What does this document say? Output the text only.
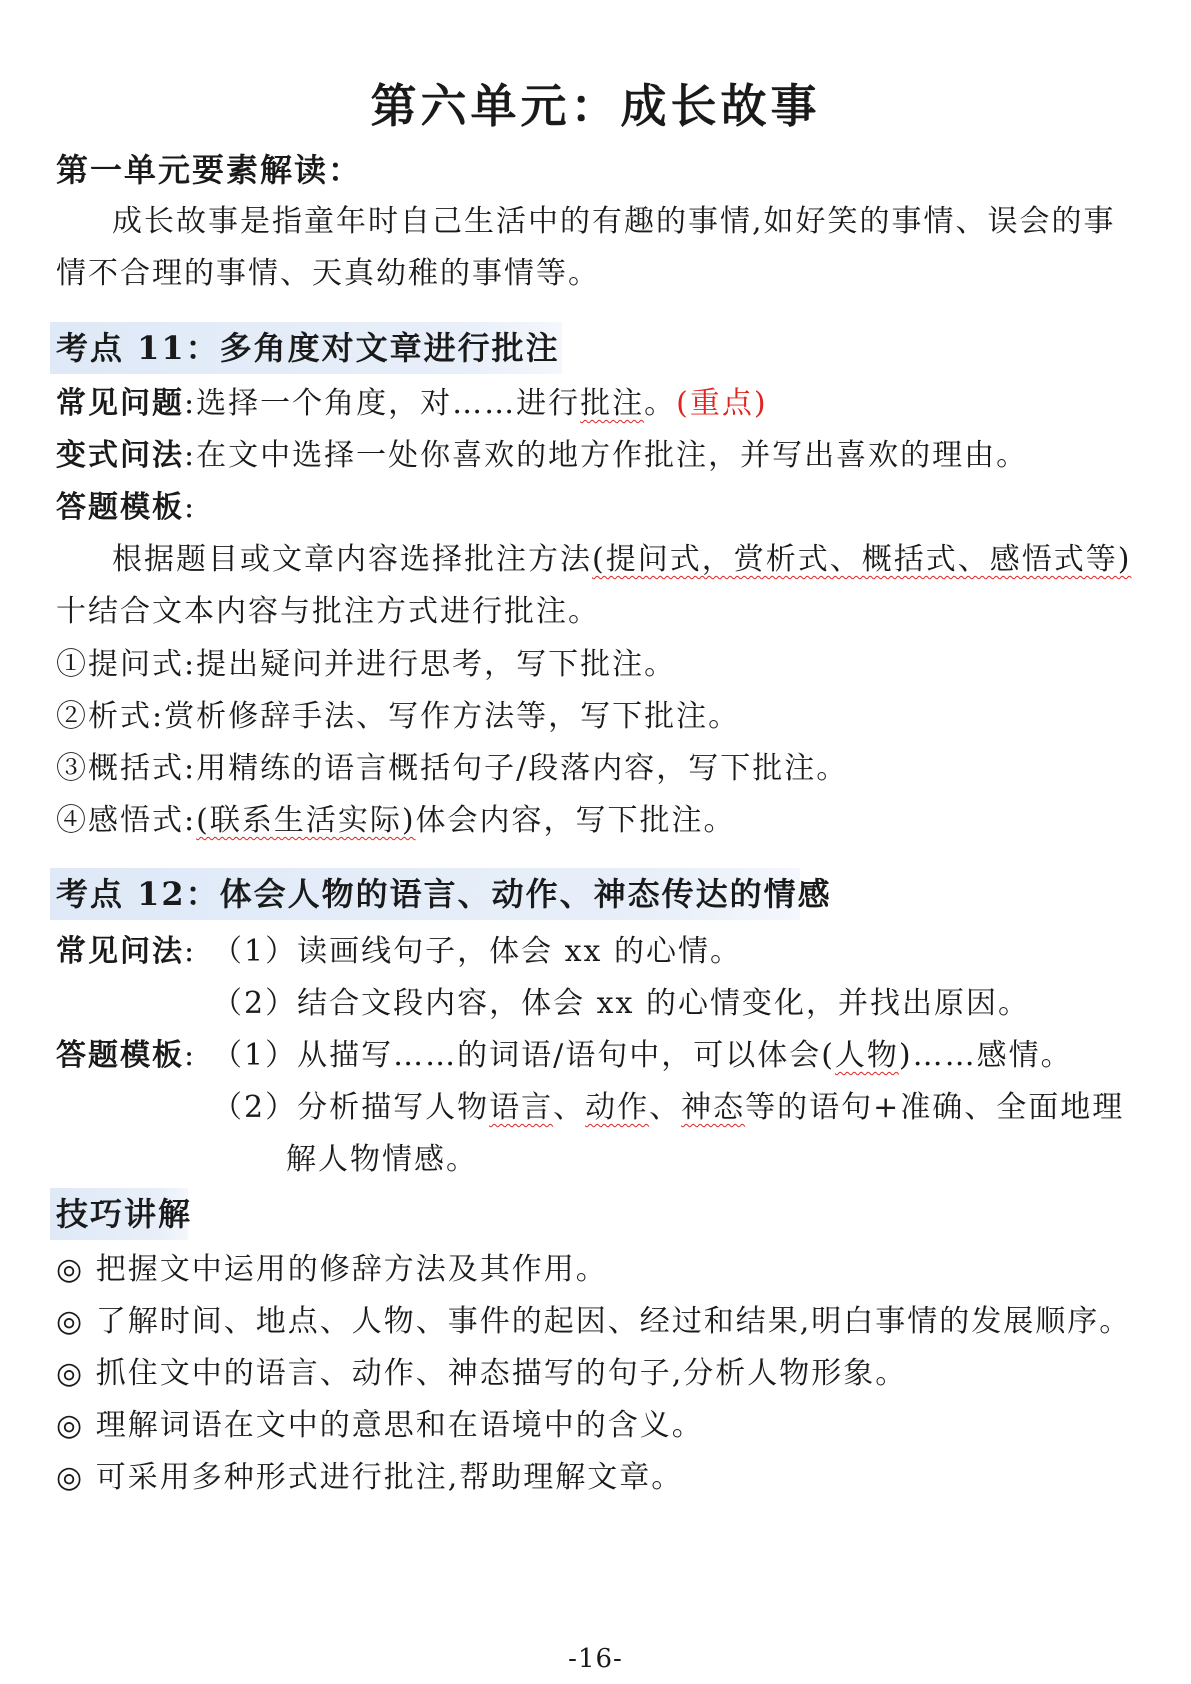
第六单元：成长故事
第一单元要素解读：
成长故事是指童年时自己生活中的有趣的事情,如好笑的事情、误会的事
情不合理的事情、天真幼稚的事情等。
考点 11：多角度对文章进行批注
常见问题:选择一个角度，对……进行批注。(重点)
变式问法:在文中选择一处你喜欢的地方作批注，并写出喜欢的理由。
答题模板:
根据题目或文章内容选择批注方法(提问式，赏析式、概括式、感悟式等)
十结合文本内容与批注方式进行批注。
①提问式:提出疑问并进行思考，写下批注。
②析式:赏析修辞手法、写作方法等，写下批注。
③概括式:用精练的语言概括句子/段落内容，写下批注。
④感悟式:(联系生活实际)体会内容，写下批注。
考点 12：体会人物的语言、动作、神态传达的情感
常见问法: （1）读画线句子，体会 xx 的心情。
（2）结合文段内容，体会 xx 的心情变化，并找出原因。
答题模板: （1）从描写……的词语/语句中，可以体会(人物)……感情。
（2）分析描写人物语言、动作、神态等的语句+准确、全面地理
解人物情感。
技巧讲解
◎ 把握文中运用的修辞方法及其作用。
◎ 了解时间、地点、人物、事件的起因、经过和结果,明白事情的发展顺序。
◎ 抓住文中的语言、动作、神态描写的句子,分析人物形象。
◎ 理解词语在文中的意思和在语境中的含义。
◎ 可采用多种形式进行批注,帮助理解文章。
-16-
